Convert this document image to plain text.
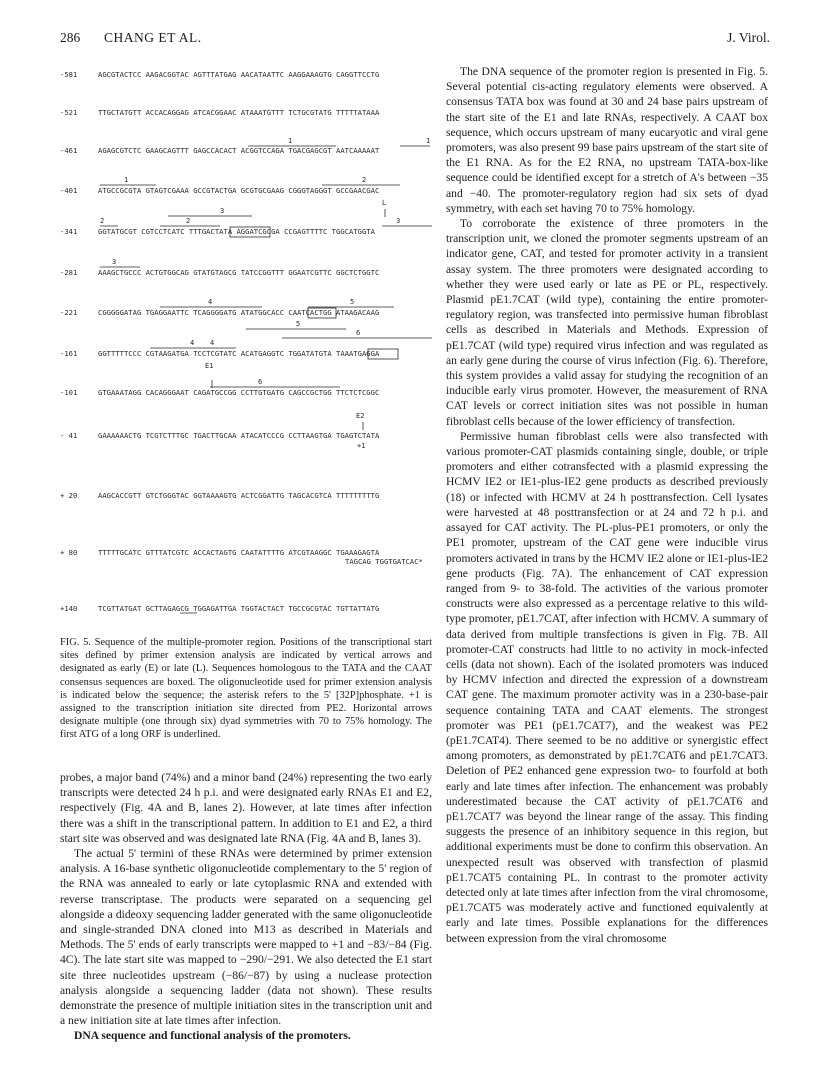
286 CHANG ET AL.	J. Virol.
-581	AGCGTACTCC AAGACGGTAC AGTTTATGAG AACATAATTC AAGGAAAGTG CAGGTTCCTG
-521	TTGCTATGTT ACCACAGGAG ATCACGGAAC ATAAATGTTT TCTGCGTATG TTTTTATAAA
-461	AGAGCGTCTC GAAGCAGTTT GAGCCACACT ACGGTCCAGA TGACGAGCGT AATCAAAAAT
-401	ATGCCGCGTA GTAGTCGAAA GCCGTACTGA GCGTGCGAAG CGGGTAGGGT GCCGAACGAC
-341	GGTATGCGT CGTCCTCATC TTTGACTATA AGGATCGCGA CCGAGTTTTC TGGCATGGTA
-281	AAAGCTGCCC ACTGTGGCAG GTATGTAGCG TATCCGGTTT GGAATCGTTC GGCTCTGGTC
-221	CGGGGGATAG TGAGGAATTC TCAGGGGATG ATATGGCACC CAATCACTGG ATAAGACAAG
-161	GGTTTTTCCC CGTAAGATGA TCCTCGTATC ACATGAGGTC TGGATATGTA TAAATGAGGA
-101	GTGAAATAGG CACAGGGAAT CAGATGCCGG CCTTGTGATG CAGCCGCTGG TTCTCTCGGC
- 41	GAAAAAACTG TCGTCTTTGC TGACTTGCAA ATACATCCCG CCTTAAGTGA TGAGTCTATA
+ 20	AAGCACCGTT GTCTGGGTAC GGTAAAAGTG ACTCGGATTG TAGCACGTCA TTTTTTTTTG
+ 80	TTTTTGCATC GTTTATCGTC ACCACTAGTG CAATATTTTG ATCGTAAGGC TGAAAGAGTA
TAGCAG TGGTGATCAC*
+140	TCGTTATGAT GCTTAGAGCG TGGAGATTGA TGGTACTACT TGCCGCGTAC TGTTATTATG
1	1
1	2
2	2
3
L
3
3
4
4
5
5
6
4
E1
6
E2
+1
FIG. 5. Sequence of the multiple-promoter region. Positions of the transcriptional start sites defined by primer extension analysis are indicated by vertical arrows and designated as early (E) or late (L). Sequences homologous to the TATA and the CAAT consensus sequences are boxed. The oligonucleotide used for primer extension analysis is indicated below the sequence; the asterisk refers to the 5' [32P]phosphate. +1 is assigned to the transcription initiation site directed from PE2. Horizontal arrows designate multiple (one through six) dyad symmetries with 70 to 75% homology. The first ATG of a long ORF is underlined.

probes, a major band (74%) and a minor band (24%) representing the two early transcripts were detected 24 h p.i. and were designated early RNAs E1 and E2, respectively (Fig. 4A and B, lanes 2). However, at late times after infection there was a shift in the transcriptional pattern. In addition to E1 and E2, a third start site was observed and was designated late RNA (Fig. 4A and B, lanes 3).

The actual 5' termini of these RNAs were determined by primer extension analysis. A 16-base synthetic oligonucleotide complementary to the 5' region of the RNA was annealed to early or late cytoplasmic RNA and extended with reverse transcriptase. The products were separated on a sequencing gel alongside a dideoxy sequencing ladder generated with the same oligonucleotide and single-stranded DNA cloned into M13 as described in Materials and Methods. The 5' ends of early transcripts were mapped to +1 and −83/−84 (Fig. 4C). The late start site was mapped to −290/−291. We also detected the E1 start site three nucleotides upstream (−86/−87) by using a nuclease protection analysis alongside a sequencing ladder (data not shown). These results demonstrate the presence of multiple initiation sites in the transcription unit and a new initiation site at late times after infection.

DNA sequence and functional analysis of the promoters.

The DNA sequence of the promoter region is presented in Fig. 5. Several potential cis-acting regulatory elements were observed. A consensus TATA box was found at 30 and 24 base pairs upstream of the start site of the E1 and late RNAs, respectively. A CAAT box sequence, which occurs upstream of many eucaryotic and viral gene promoters, was also present 99 base pairs upstream of the start site of the E1 RNA. As for the E2 RNA, no upstream TATA-box-like sequence could be identified except for a stretch of A's between −35 and −40. The promoter-regulatory region had six sets of dyad symmetry, with each set having 70 to 75% homology.

To corroborate the existence of three promoters in the transcription unit, we cloned the promoter segments upstream of an indicator gene, CAT, and tested for promoter activity in a transient assay system. The three promoters were designated according to whether they were used early or late as PE or PL, respectively. Plasmid pE1.7CAT (wild type), containing the entire promoter-regulatory region, was transfected into permissive human fibroblast cells as described in Materials and Methods. Expression of pE1.7CAT (wild type) required virus infection and was regulated as an early gene during the course of virus infection (Fig. 6). Therefore, this system provides a valid assay for studying the recognition of an inducible early virus promoter. However, the measurement of RNA CAT levels or correct initiation sites was not possible in human fibroblast cells because of the lower efficiency of transfection.

Permissive human fibroblast cells were also transfected with various promoter-CAT plasmids containing single, double, or triple promoters and either cotransfected with a plasmid expressing the HCMV IE2 or IE1-plus-IE2 gene products as described previously (18) or infected with HCMV at 24 h posttransfection. Cell lysates were harvested at 48 posttransfection or at 24 and 72 h p.i. and assayed for CAT activity. The PL-plus-PE1 promoters, or only the PE1 promoter, upstream of the CAT gene were inducible virus promoters activated in trans by the HCMV IE2 alone or IE1-plus-IE2 gene products (Fig. 7A). The enhancement of CAT expression ranged from 9- to 38-fold. The activities of the various promoter constructs were also expressed as a percentage relative to this wild-type promoter, pE1.7CAT, after infection with HCMV. A summary of data derived from multiple transfections is given in Fig. 7B. All promoter-CAT constructs had little to no activity in mock-infected cells (data not shown). Each of the isolated promoters was induced by HCMV infection and directed the expression of a downstream CAT gene. The maximum promoter activity was in a 230-base-pair sequence containing TATA and CAAT elements. The strongest promoter was PE1 (pE1.7CAT7), and the weakest was PE2 (pE1.7CAT4). There seemed to be no additive or synergistic effect among promoters, as demonstrated by pE1.7CAT6 and pE1.7CAT3. Deletion of PE2 enhanced gene expression two- to fourfold at both early and late times after infection. The enhancement was probably underestimated because the CAT activity of pE1.7CAT6 and pE1.7CAT7 was beyond the linear range of the assay. This finding suggests the presence of an inhibitory sequence in this region, but additional experiments must be done to confirm this observation. An unexpected result was observed with transfection of plasmid pE1.7CAT5 containing PL. In contrast to the promoter activity detected only at late times after infection from the viral chromosome, pE1.7CAT5 was moderately active and functioned equivalently at early and late times. Possible explanations for the differences between expression from the viral chromosome
